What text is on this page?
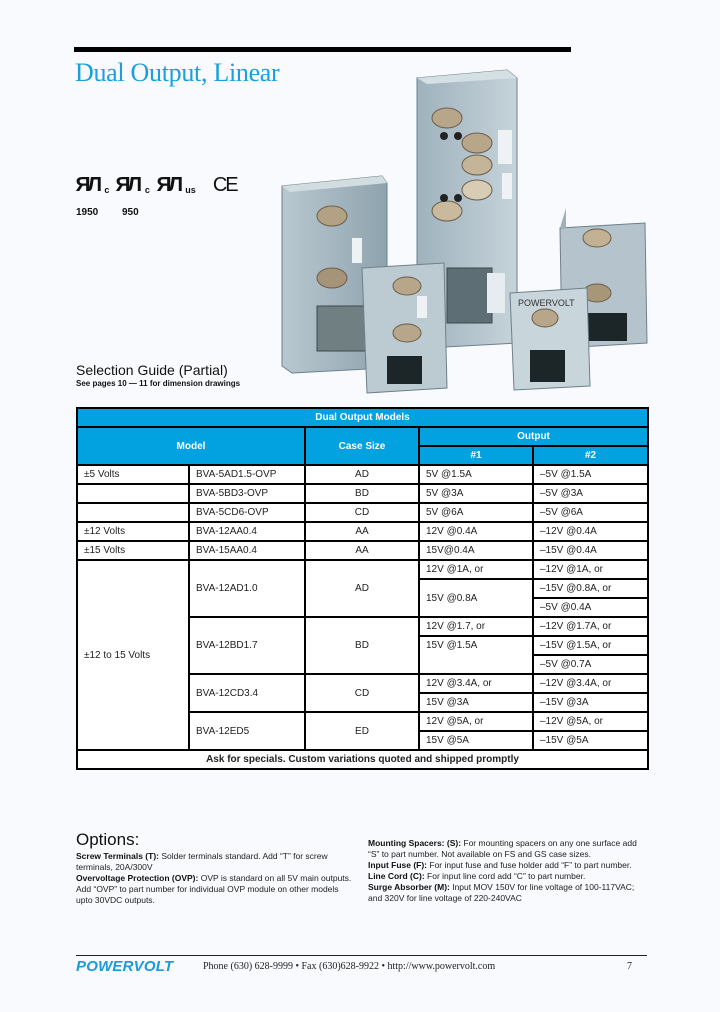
Dual Output, Linear
ЯЛ c ЯЛ c ЯЛ us CE
1950 950
POWERVOLT
Selection Guide (Partial)
See pages 10 — 11 for dimension drawings
Dual Output Models				
Model		Case Size	Output	
			#1	#2
±5 Volts	BVA-5AD1.5-OVP	AD	5V @1.5A	–5V @1.5A
	BVA-5BD3-OVP	BD	5V @3A	–5V @3A
	BVA-5CD6-OVP	CD	5V @6A	–5V @6A
±12 Volts	BVA-12AA0.4	AA	12V @0.4A	–12V @0.4A
±15 Volts	BVA-15AA0.4	AA	15V@0.4A	–15V @0.4A
±12 to 15 Volts	BVA-12AD1.0	AD	12V @1A, or	–12V @1A, or
			15V @0.8A	–15V @0.8A, or
				–5V @0.4A
	BVA-12BD1.7	BD	12V @1.7, or	–12V @1.7A, or
			15V @1.5A	–15V @1.5A, or
				–5V @0.7A
	BVA-12CD3.4	CD	12V @3.4A, or	–12V @3.4A, or
			15V @3A	–15V @3A
	BVA-12ED5	ED	12V @5A, or	–12V @5A, or
			15V @5A	–15V @5A
Ask for specials. Custom variations quoted and shipped promptly				
Options:
Screw Terminals (T): Solder terminals standard. Add “T” for screw terminals, 20A/300V
Overvoltage Protection (OVP): OVP is standard on all 5V main outputs. Add “OVP” to part number for individual OVP module on other models upto 30VDC outputs.
Mounting Spacers: (S): For mounting spacers on any one surface add “S” to part number. Not available on FS and GS case sizes.
Input Fuse (F): For input fuse and fuse holder add “F” to part number.
Line Cord (C): For input line cord add “C” to part number.
Surge Absorber (M): Input MOV 150V for line voltage of 100-117VAC; and 320V for line voltage of 220-240VAC
POWERVOLT	Phone (630) 628-9999 • Fax (630)628-9922 • http://www.powervolt.com	7
